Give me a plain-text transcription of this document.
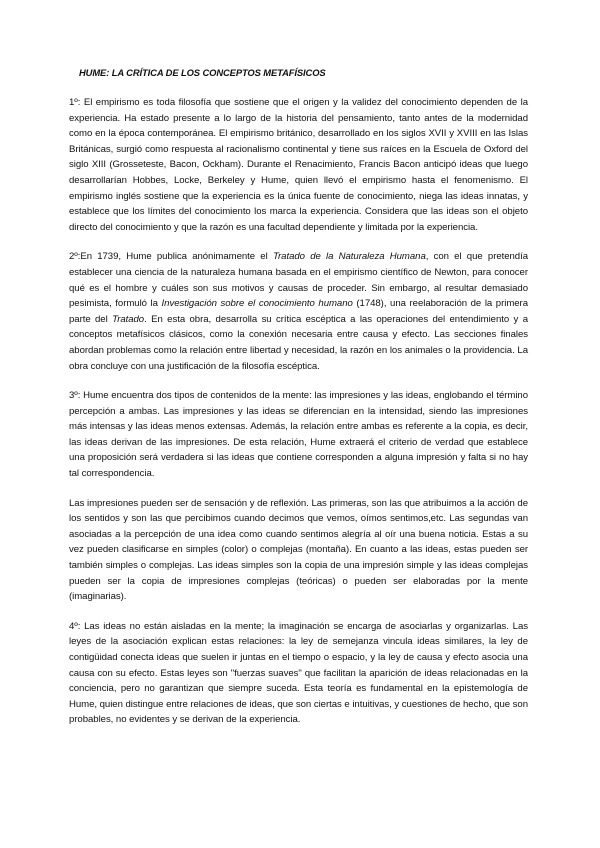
HUME: LA CRÍTICA DE LOS CONCEPTOS METAFÍSICOS

1º: El empirismo es toda filosofía que sostiene que el origen y la validez del conocimiento dependen de la experiencia. Ha estado presente a lo largo de la historia del pensamiento, tanto antes de la modernidad como en la época contemporánea. El empirismo británico, desarrollado en los siglos XVII y XVIII en las Islas Británicas, surgió como respuesta al racionalismo continental y tiene sus raíces en la Escuela de Oxford del siglo XIII (Grosseteste, Bacon, Ockham). Durante el Renacimiento, Francis Bacon anticipó ideas que luego desarrollarían Hobbes, Locke, Berkeley y Hume, quien llevó el empirismo hasta el fenomenismo. El empirismo inglés sostiene que la experiencia es la única fuente de conocimiento, niega las ideas innatas, y establece que los límites del conocimiento los marca la experiencia. Considera que las ideas son el objeto directo del conocimiento y que la razón es una facultad dependiente y limitada por la experiencia.

2º:En 1739, Hume publica anónimamente el Tratado de la Naturaleza Humana, con el que pretendía establecer una ciencia de la naturaleza humana basada en el empirismo científico de Newton, para conocer qué es el hombre y cuáles son sus motivos y causas de proceder. Sin embargo, al resultar demasiado pesimista, formuló la Investigación sobre el conocimiento humano (1748), una reelaboración de la primera parte del Tratado. En esta obra, desarrolla su crítica escéptica a las operaciones del entendimiento y a conceptos metafísicos clásicos, como la conexión necesaria entre causa y efecto. Las secciones finales abordan problemas como la relación entre libertad y necesidad, la razón en los animales o la providencia. La obra concluye con una justificación de la filosofía escéptica.

3º: Hume encuentra dos tipos de contenidos de la mente: las impresiones y las ideas, englobando el término percepción a ambas. Las impresiones y las ideas se diferencian en la intensidad, siendo las impresiones más intensas y las ideas menos extensas. Además, la relación entre ambas es referente a la copia, es decir, las ideas derivan de las impresiones. De esta relación, Hume extraerá el criterio de verdad que establece una proposición será verdadera si las ideas que contiene corresponden a alguna impresión y falta si no hay tal correspondencia.

Las impresiones pueden ser de sensación y de reflexión. Las primeras, son las que atribuimos a la acción de los sentidos y son las que percibimos cuando decimos que vemos, oímos sentimos,etc. Las segundas van asociadas a la percepción de una idea como cuando sentimos alegría al oír una buena noticia. Estas a su vez pueden clasificarse en simples (color) o complejas (montaña). En cuanto a las ideas, estas pueden ser también simples o complejas. Las ideas simples son la copia de una impresión simple y las ideas complejas pueden ser la copia de impresiones complejas (teóricas) o pueden ser elaboradas por la mente (imaginarias).

4º: Las ideas no están aisladas en la mente; la imaginación se encarga de asociarlas y organizarlas. Las leyes de la asociación explican estas relaciones: la ley de semejanza vincula ideas similares, la ley de contigüidad conecta ideas que suelen ir juntas en el tiempo o espacio, y la ley de causa y efecto asocia una causa con su efecto. Estas leyes son "fuerzas suaves" que facilitan la aparición de ideas relacionadas en la conciencia, pero no garantizan que siempre suceda. Esta teoría es fundamental en la epistemología de Hume, quien distingue entre relaciones de ideas, que son ciertas e intuitivas, y cuestiones de hecho, que son probables, no evidentes y se derivan de la experiencia.
